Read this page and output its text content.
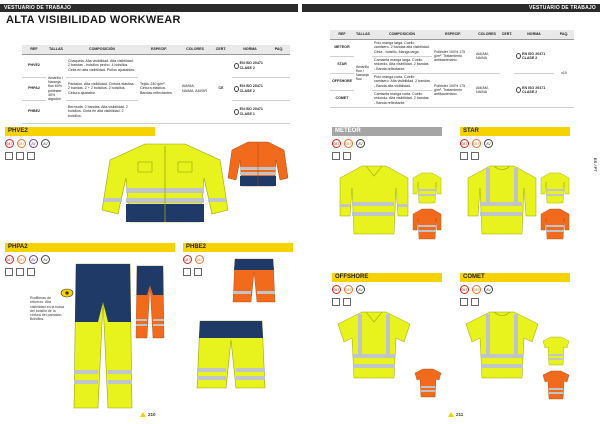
VESTUARIO DE TRABAJO	VESTUARIO DE TRABAJO
ALTA VISIBILIDAD WORKWEAR
ES / PT
REF	TALLAS	COMPOSICIÓN	ESPECIF.	COLORES	CERT.	NORMA	PAQ.
PHVE2	Amarillo / Naranja fluo 60% poliéster 40% algodón	Chaqueta. Alta visibilidad. Alta visibilidad. 2 bandas - bolsillos pecho. 4 bolsillos. Cinta en alta visibilidad. Puños ajustables.	Tejido 240 g/m². Cintura elástica. Bandas reflectantes.	AM/MA, NA/MA, AM/GR	CE	EN ISO 20471 CLASE 2	

PHPA2		Pantalón. Alta visibilidad. Cintura elástica. 2 bandas. 2 + 2 bolsillos. 2 bolsillos. Cintura ajustable.				EN ISO 20471 CLASE 2	

PHBE2		Bermuda. 2 bandas. Alta visibilidad. 2 bolsillos. Cinta en alta visibilidad. 2 bolsillos.				EN ISO 20471 CLASE 1	

REF	TALLAS	COMPOSICIÓN	ESPECIF.	COLORES	CERT.	NORMA	PAQ.
METEOR	Amarillo fluo / Naranja fluo	Polo manga larga. Cuello camisero. 2 bandas alta visibilidad. Cinta - bolsillo. Manga larga.	Poliéster 100% 175 g/m². Tratamiento antibacteriano.	AM/AM, NA/NA		EN ISO 20471 CLASE 2	x10
STAR		Camiseta manga larga. Cuello redondo. Alta visibilidad. 2 bandas - Banda reflectante.					
OFFSHORE		Polo manga corta. Cuello camisero. Alta visibilidad. 2 bandas - Banda alta visibilidad.	Poliéster 100% 175 g/m². Tratamiento antibacteriano.	AM/AM, NA/NA		EN ISO 20471 CLASE 2	

COMET		Camiseta manga corta. Cuello redondo. Alta visibilidad. 2 bandas - Banda reflectante.					
PHVE2
20471 20471	AV	AV
PHPA2
20471 20471	AV	AV
Rodilleras de refuerzo. Alta visibilidad en la bolsa del bolsillo de la cintura del pantalón. Bolsillos.
PHBE2
20471 20471
210
METEOR
20471 20471	AV
STAR
20471 20471	AV
OFFSHORE
20471 20471	AV
COMET
20471 20471	AV
211
